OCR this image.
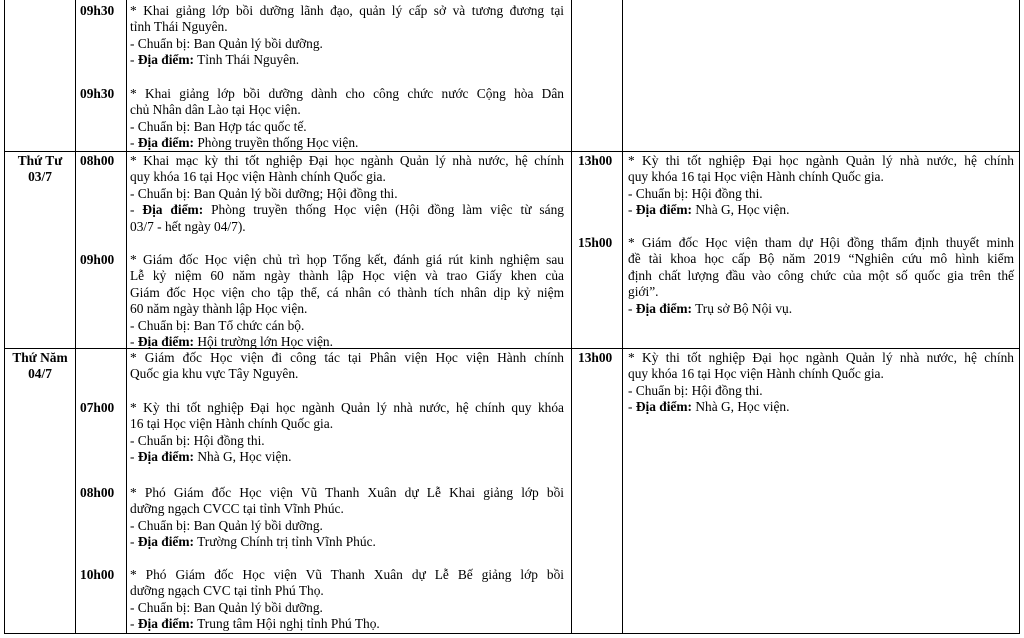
09h30 * Khai giảng lớp bồi dưỡng lãnh đạo, quản lý cấp sở và tương đương tại
tỉnh Thái Nguyên.
- Chuẩn bị: Ban Quản lý bồi dưỡng.
- Địa điểm: Tỉnh Thái Nguyên.
09h30 * Khai giảng lớp bồi dưỡng dành cho công chức nước Cộng hòa Dân
chủ Nhân dân Lào tại Học viện.
- Chuẩn bị: Ban Hợp tác quốc tế.
- Địa điểm: Phòng truyền thống Học viện.
Thứ Tư
03/7
08h00 * Khai mạc kỳ thi tốt nghiệp Đại học ngành Quản lý nhà nước, hệ chính
quy khóa 16 tại Học viện Hành chính Quốc gia.
- Chuẩn bị: Ban Quản lý bồi dưỡng; Hội đồng thi.
- Địa điểm: Phòng truyền thống Học viện (Hội đồng làm việc từ sáng
03/7 - hết ngày 04/7).
09h00 * Giám đốc Học viện chủ trì họp Tổng kết, đánh giá rút kinh nghiệm sau
Lễ kỷ niệm 60 năm ngày thành lập Học viện và trao Giấy khen của
Giám đốc Học viện cho tập thể, cá nhân có thành tích nhân dịp kỷ niệm
60 năm ngày thành lập Học viện.
- Chuẩn bị: Ban Tổ chức cán bộ.
- Địa điểm: Hội trường lớn Học viện.
13h00 * Kỳ thi tốt nghiệp Đại học ngành Quản lý nhà nước, hệ chính
quy khóa 16 tại Học viện Hành chính Quốc gia.
- Chuẩn bị: Hội đồng thi.
- Địa điểm: Nhà G, Học viện.
15h00 * Giám đốc Học viện tham dự Hội đồng thẩm định thuyết minh
đề tài khoa học cấp Bộ năm 2019 “Nghiên cứu mô hình kiểm
định chất lượng đầu vào công chức của một số quốc gia trên thế
giới”.
- Địa điểm: Trụ sở Bộ Nội vụ.
Thứ Năm
04/7
* Giám đốc Học viện đi công tác tại Phân viện Học viện Hành chính
Quốc gia khu vực Tây Nguyên.
07h00 * Kỳ thi tốt nghiệp Đại học ngành Quản lý nhà nước, hệ chính quy khóa
16 tại Học viện Hành chính Quốc gia.
- Chuẩn bị: Hội đồng thi.
- Địa điểm: Nhà G, Học viện.
08h00 * Phó Giám đốc Học viện Vũ Thanh Xuân dự Lễ Khai giảng lớp bồi
dưỡng ngạch CVCC tại tỉnh Vĩnh Phúc.
- Chuẩn bị: Ban Quản lý bồi dưỡng.
- Địa điểm: Trường Chính trị tỉnh Vĩnh Phúc.
10h00 * Phó Giám đốc Học viện Vũ Thanh Xuân dự Lễ Bế giảng lớp bồi
dưỡng ngạch CVC tại tỉnh Phú Thọ.
- Chuẩn bị: Ban Quản lý bồi dưỡng.
- Địa điểm: Trung tâm Hội nghị tỉnh Phú Thọ.
13h00 * Kỳ thi tốt nghiệp Đại học ngành Quản lý nhà nước, hệ chính
quy khóa 16 tại Học viện Hành chính Quốc gia.
- Chuẩn bị: Hội đồng thi.
- Địa điểm: Nhà G, Học viện.
